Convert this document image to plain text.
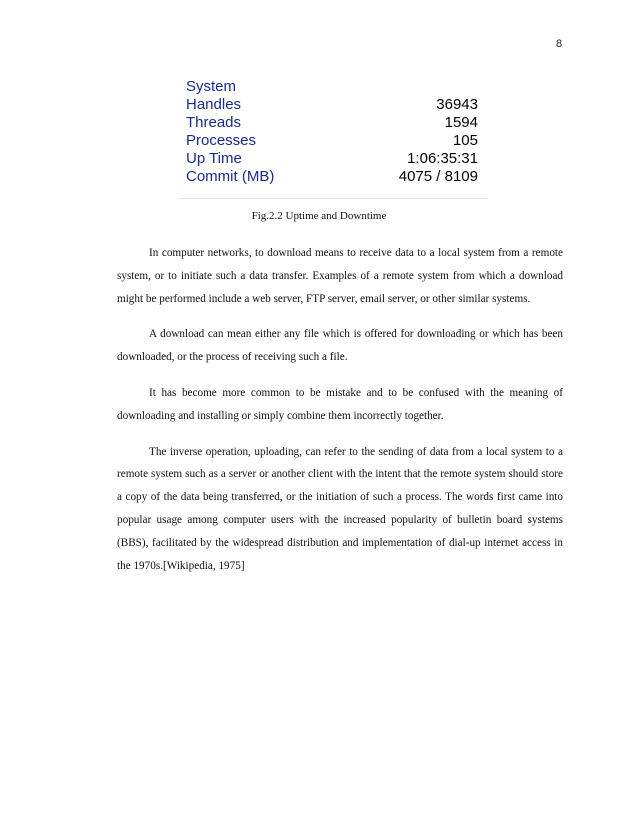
8
System
Handles	36943
Threads	1594
Processes	105
Up Time	1:06:35:31
Commit (MB)	4075 / 8109
Fig.2.2 Uptime and Downtime

In computer networks, to download means to receive data to a local system from a remote system, or to initiate such a data transfer. Examples of a remote system from which a download might be performed include a web server, FTP server, email server, or other similar systems.

A download can mean either any file which is offered for downloading or which has been downloaded, or the process of receiving such a file.

It has become more common to be mistake and to be confused with the meaning of downloading and installing or simply combine them incorrectly together.

The inverse operation, uploading, can refer to the sending of data from a local system to a remote system such as a server or another client with the intent that the remote system should store a copy of the data being transferred, or the initiation of such a process. The words first came into popular usage among computer users with the increased popularity of bulletin board systems (BBS), facilitated by the widespread distribution and implementation of dial-up internet access in the 1970s.[Wikipedia, 1975]
